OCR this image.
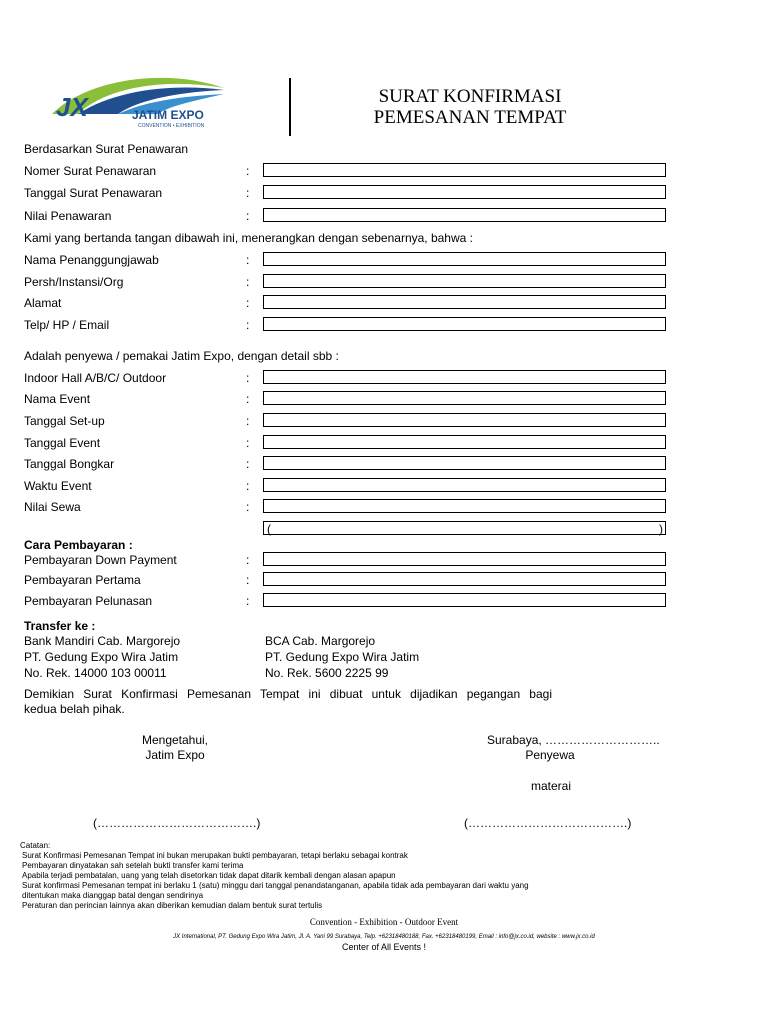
JX	JATIM EXPO
CONVENTION • EXHIBITION
SURAT KONFIRMASI
PEMESANAN TEMPAT
Berdasarkan Surat Penawaran
Nomer Surat Penawaran	:
Tanggal Surat Penawaran	:
Nilai Penawaran	:
Kami yang bertanda tangan dibawah ini, menerangkan dengan sebenarnya, bahwa :
Nama Penanggungjawab	:
Persh/Instansi/Org	:
Alamat	:
Telp/ HP / Email	:
Adalah penyewa / pemakai Jatim Expo, dengan detail sbb :
Indoor Hall A/B/C/ Outdoor	:
Nama Event	:
Tanggal Set-up	:
Tanggal Event	:
Tanggal Bongkar	:
Waktu Event	:
Nilai Sewa	:
(	)
Cara Pembayaran :
Pembayaran Down Payment	:
Pembayaran Pertama	:
Pembayaran Pelunasan	:
Transfer ke :
Bank Mandiri Cab. Margorejo
PT. Gedung Expo Wira Jatim
No. Rek. 14000 103 00011
BCA Cab. Margorejo
PT. Gedung Expo Wira Jatim
No. Rek. 5600 2225 99
Demikian Surat Konfirmasi Pemesanan Tempat ini dibuat untuk dijadikan pegangan bagi
kedua belah pihak.
Mengetahui,
Jatim Expo
Surabaya, ………………………..
Penyewa
materai
(………………………………….)	(………………………………….)
Catatan:
Surat Konfirmasi Pemesanan Tempat ini bukan merupakan bukti pembayaran, tetapi berlaku sebagai kontrak
Pembayaran dinyatakan sah setelah bukti transfer kami terima
Apabila terjadi pembatalan, uang yang telah disetorkan tidak dapat ditarik kembali dengan alasan apapun
Surat konfirmasi Pemesanan tempat ini berlaku 1 (satu) minggu dari tanggal penandatanganan, apabila tidak ada pembayaran dari waktu yang
ditentukan maka dianggap batal dengan sendirinya
Peraturan dan perincian lainnya akan diberikan kemudian dalam bentuk surat tertulis
Convention - Exhibition - Outdoor Event
JX International, PT. Gedung Expo Wira Jatim, Jl. A. Yani 99 Surabaya, Telp. +62318480188, Fax. +62318480199, Email : info@jx.co.id, website : www.jx.co.id
Center of All Events !
